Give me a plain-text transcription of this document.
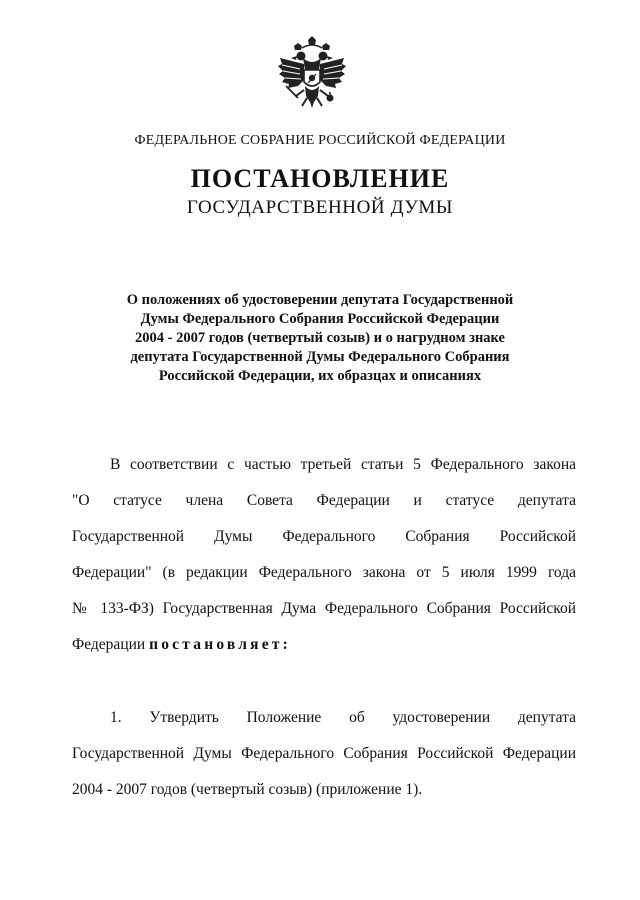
ФЕДЕРАЛЬНОЕ СОБРАНИЕ РОССИЙСКОЙ ФЕДЕРАЦИИ
ПОСТАНОВЛЕНИЕ
ГОСУДАРСТВЕННОЙ ДУМЫ
О положениях об удостоверении депутата Государственной
Думы Федерального Собрания Российской Федерации
2004 - 2007 годов (четвертый созыв) и о нагрудном знаке
депутата Государственной Думы Федерального Собрания
Российской Федерации, их образцах и описаниях
В соответствии с частью третьей статьи 5 Федерального закона
"О статусе члена Совета Федерации и статусе депутата
Государственной Думы Федерального Собрания Российской
Федерации" (в редакции Федерального закона от 5 июля 1999 года
№ 133-ФЗ) Государственная Дума Федерального Собрания Российской
Федерации постановляет:
1. Утвердить Положение об удостоверении депутата
Государственной Думы Федерального Собрания Российской Федерации
2004 - 2007 годов (четвертый созыв) (приложение 1).
